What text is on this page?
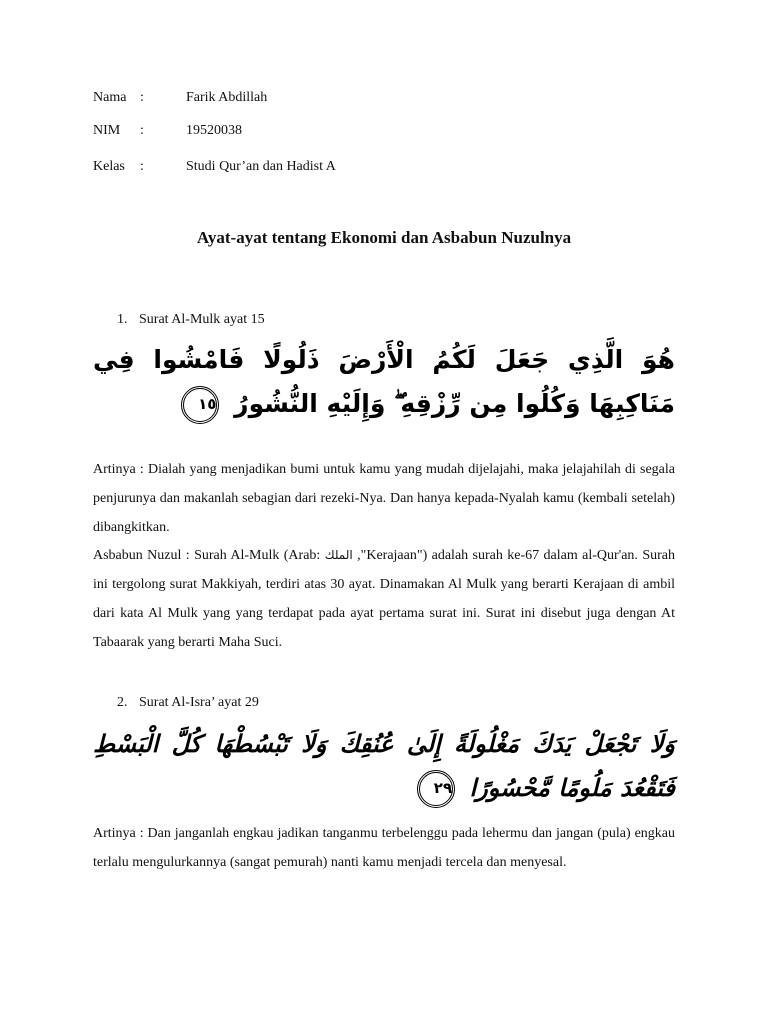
Nama :	Farik Abdillah
NIM :	19520038
Kelas :	Studi Qur’an dan Hadist A
Ayat-ayat tentang Ekonomi dan Asbabun Nuzulnya
1. Surat Al-Mulk ayat 15
هُوَ الَّذِي جَعَلَ لَكُمُ الْأَرْضَ ذَلُولًا فَامْشُوا فِي مَنَاكِبِهَا وَكُلُوا مِن رِّزْقِهِ ۖ وَإِلَيْهِ النُّشُورُ ١٥
Artinya : Dialah yang menjadikan bumi untuk kamu yang mudah dijelajahi, maka jelajahilah di segala penjurunya dan makanlah sebagian dari rezeki-Nya. Dan hanya kepada-Nyalah kamu (kembali setelah) dibangkitkan.
Asbabun Nuzul : Surah Al-Mulk (Arab: الملك ,"Kerajaan") adalah surah ke-67 dalam al-Qur'an. Surah ini tergolong surat Makkiyah, terdiri atas 30 ayat. Dinamakan Al Mulk yang berarti Kerajaan di ambil dari kata Al Mulk yang yang terdapat pada ayat pertama surat ini. Surat ini disebut juga dengan At Tabaarak yang berarti Maha Suci.
2. Surat Al-Isra’ ayat 29
وَلَا تَجْعَلْ يَدَكَ مَغْلُولَةً إِلَىٰ عُنُقِكَ وَلَا تَبْسُطْهَا كُلَّ الْبَسْطِ فَتَقْعُدَ مَلُومًا مَّحْسُورًا ٢٩
Artinya : Dan janganlah engkau jadikan tanganmu terbelenggu pada lehermu dan jangan (pula) engkau terlalu mengulurkannya (sangat pemurah) nanti kamu menjadi tercela dan menyesal.
